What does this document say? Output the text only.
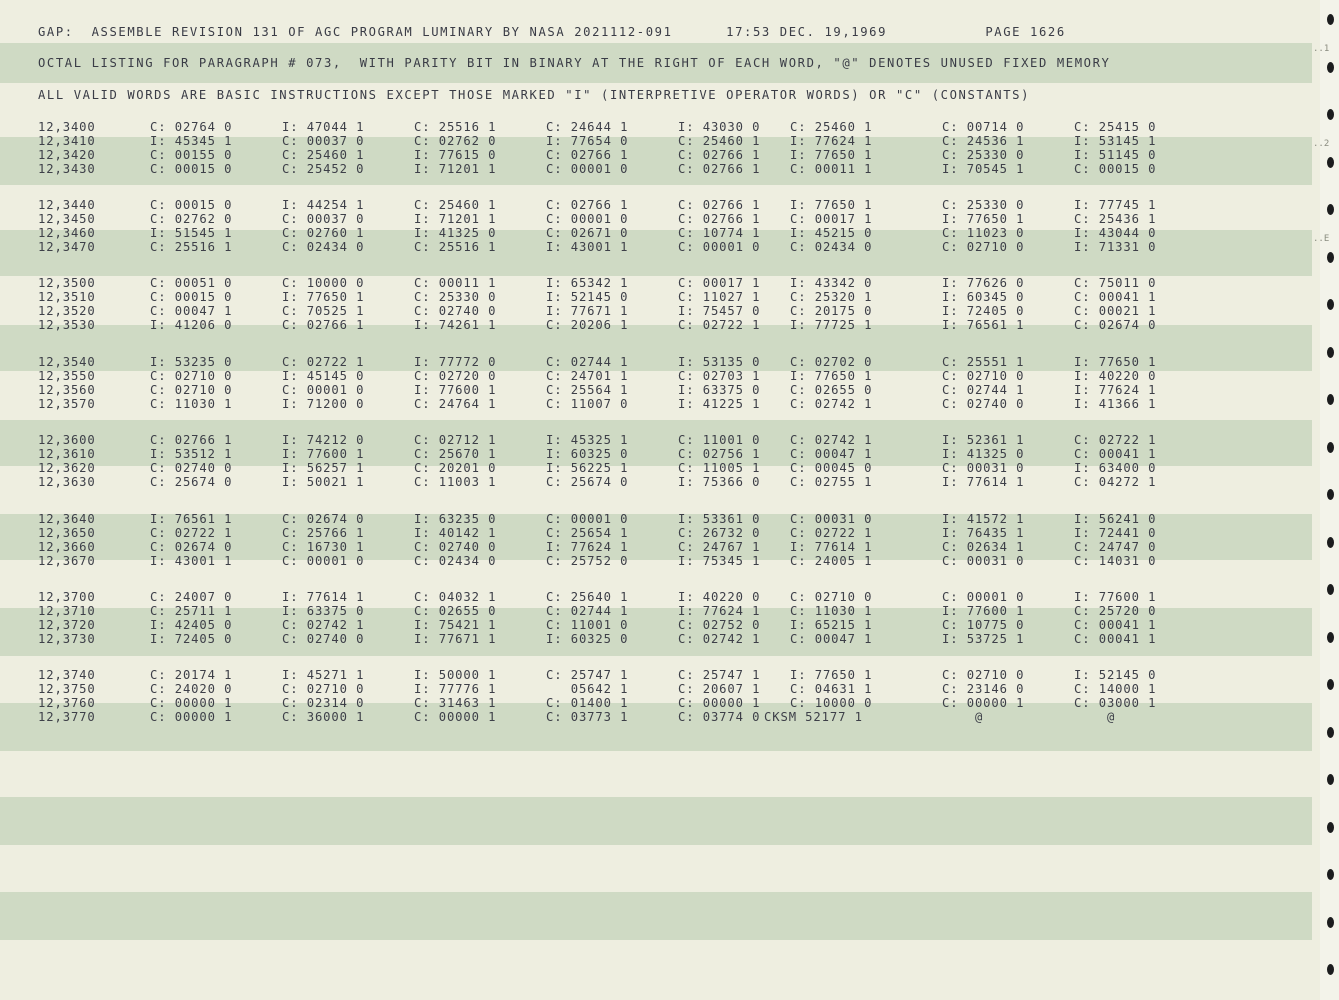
GAP:  ASSEMBLE REVISION 131 OF AGC PROGRAM LUMINARY BY NASA 2021112-091      17:53 DEC. 19,1969           PAGE 1626
OCTAL LISTING FOR PARAGRAPH # 073,  WITH PARITY BIT IN BINARY AT THE RIGHT OF EACH WORD, "@" DENOTES UNUSED FIXED MEMORY
ALL VALID WORDS ARE BASIC INSTRUCTIONS EXCEPT THOSE MARKED "I" (INTERPRETIVE OPERATOR WORDS) OR "C" (CONSTANTS)
..1
..2
..E
12,3400	C: 02764 0	I: 47044 1	C: 25516 1	C: 24644 1	I: 43030 0 C: 25460 1	C: 00714 0	C: 25415 0
12,3410	I: 45345 1	C: 00037 0	C: 02762 0	I: 77654 0	C: 25460 1 I: 77624 1	C: 24536 1	I: 53145 1
12,3420	C: 00155 0	C: 25460 1	I: 77615 0	C: 02766 1	C: 02766 1 I: 77650 1	C: 25330 0	I: 51145 0
12,3430	C: 00015 0	C: 25452 0	I: 71201 1	C: 00001 0	C: 02766 1 C: 00011 1	I: 70545 1	C: 00015 0
12,3440	C: 00015 0	I: 44254 1	C: 25460 1	C: 02766 1	C: 02766 1 I: 77650 1	C: 25330 0	I: 77745 1
12,3450	C: 02762 0	C: 00037 0	I: 71201 1	C: 00001 0	C: 02766 1 C: 00017 1	I: 77650 1	C: 25436 1
12,3460	I: 51545 1	C: 02760 1	I: 41325 0	C: 02671 0	C: 10774 1 I: 45215 0	C: 11023 0	I: 43044 0
12,3470	C: 25516 1	C: 02434 0	C: 25516 1	I: 43001 1	C: 00001 0 C: 02434 0	C: 02710 0	I: 71331 0
12,3500	C: 00051 0	C: 10000 0	C: 00011 1	I: 65342 1	C: 00017 1 I: 43342 0	I: 77626 0	C: 75011 0
12,3510	C: 00015 0	I: 77650 1	C: 25330 0	I: 52145 0	C: 11027 1 C: 25320 1	I: 60345 0	C: 00041 1
12,3520	C: 00047 1	C: 70525 1	C: 02740 0	I: 77671 1	I: 75457 0 C: 20175 0	I: 72405 0	C: 00021 1
12,3530	I: 41206 0	C: 02766 1	I: 74261 1	C: 20206 1	C: 02722 1 I: 77725 1	I: 76561 1	C: 02674 0
12,3540	I: 53235 0	C: 02722 1	I: 77772 0	C: 02744 1	I: 53135 0 C: 02702 0	C: 25551 1	I: 77650 1
12,3550	C: 02710 0	I: 45145 0	C: 02720 0	C: 24701 1	C: 02703 1 I: 77650 1	C: 02710 0	I: 40220 0
12,3560	C: 02710 0	C: 00001 0	I: 77600 1	C: 25564 1	I: 63375 0 C: 02655 0	C: 02744 1	I: 77624 1
12,3570	C: 11030 1	I: 71200 0	C: 24764 1	C: 11007 0	I: 41225 1 C: 02742 1	C: 02740 0	I: 41366 1
12,3600	C: 02766 1	I: 74212 0	C: 02712 1	I: 45325 1	C: 11001 0 C: 02742 1	I: 52361 1	C: 02722 1
12,3610	I: 53512 1	I: 77600 1	C: 25670 1	I: 60325 0	C: 02756 1 C: 00047 1	I: 41325 0	C: 00041 1
12,3620	C: 02740 0	I: 56257 1	C: 20201 0	I: 56225 1	C: 11005 1 C: 00045 0	C: 00031 0	I: 63400 0
12,3630	C: 25674 0	I: 50021 1	C: 11003 1	C: 25674 0	I: 75366 0 C: 02755 1	I: 77614 1	C: 04272 1
12,3640	I: 76561 1	C: 02674 0	I: 63235 0	C: 00001 0	I: 53361 0 C: 00031 0	I: 41572 1	I: 56241 0
12,3650	C: 02722 1	C: 25766 1	I: 40142 1	C: 25654 1	C: 26732 0 C: 02722 1	I: 76435 1	I: 72441 0
12,3660	C: 02674 0	C: 16730 1	C: 02740 0	I: 77624 1	C: 24767 1 I: 77614 1	C: 02634 1	C: 24747 0
12,3670	I: 43001 1	C: 00001 0	C: 02434 0	C: 25752 0	I: 75345 1 C: 24005 1	C: 00031 0	C: 14031 0
12,3700	C: 24007 0	I: 77614 1	C: 04032 1	C: 25640 1	I: 40220 0 C: 02710 0	C: 00001 0	I: 77600 1
12,3710	C: 25711 1	I: 63375 0	C: 02655 0	C: 02744 1	I: 77624 1 C: 11030 1	I: 77600 1	C: 25720 0
12,3720	I: 42405 0	C: 02742 1	I: 75421 1	C: 11001 0	C: 02752 0 I: 65215 1	C: 10775 0	C: 00041 1
12,3730	I: 72405 0	C: 02740 0	I: 77671 1	I: 60325 0	C: 02742 1 C: 00047 1	I: 53725 1	C: 00041 1
12,3740	C: 20174 1	I: 45271 1	I: 50000 1	C: 25747 1	C: 25747 1 I: 77650 1	C: 02710 0	I: 52145 0
12,3750	C: 24020 0	C: 02710 0	I: 77776 1	05642 1	C: 20607 1 C: 04631 1	C: 23146 0	C: 14000 1
12,3760	C: 00000 1	C: 02314 0	C: 31463 1	C: 01400 1	C: 00000 1 C: 10000 0	C: 00000 1	C: 03000 1
12,3770	C: 00000 1	C: 36000 1	C: 00000 1	C: 03773 1	C: 03774 0 CKSM 52177 1	@	@
